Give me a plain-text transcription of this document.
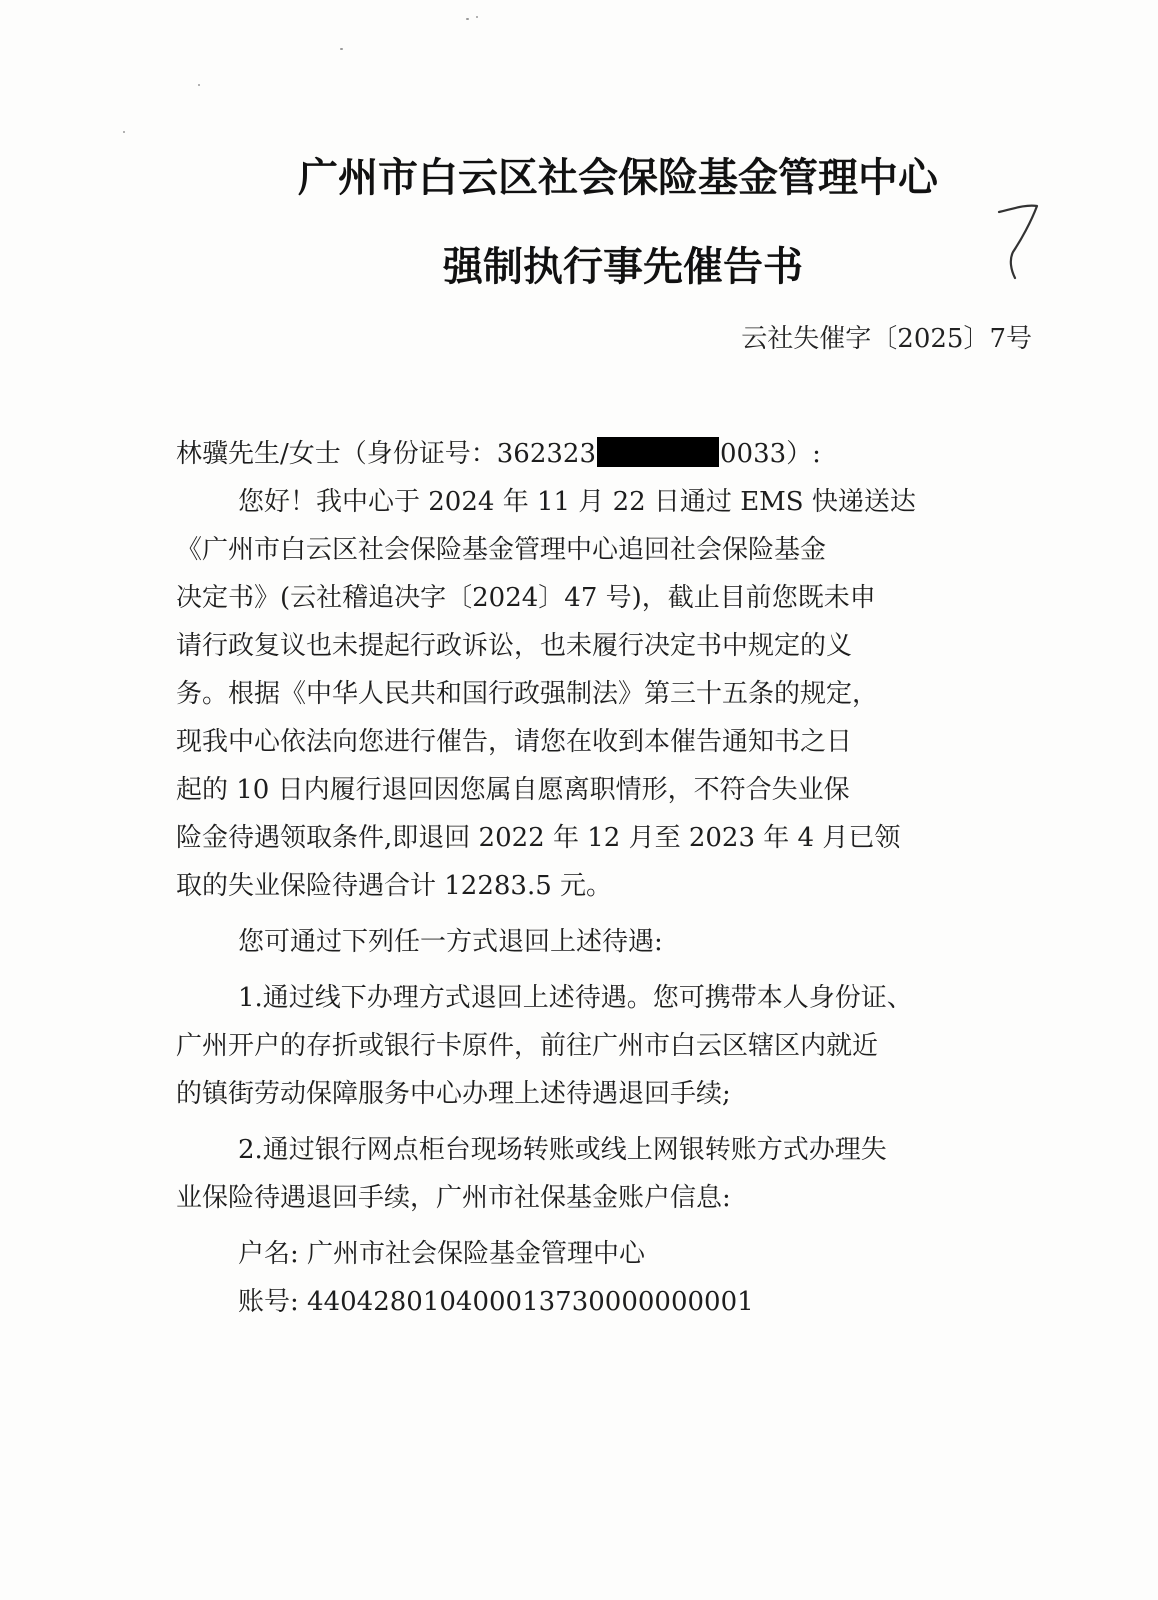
广州市白云区社会保险基金管理中心
强制执行事先催告书
云社失催字〔2025〕7号
林骥先生/女士（身份证号：362323	0033）:
您好！我中心于 2024 年 11 月 22 日通过 EMS 快递送达
《广州市白云区社会保险基金管理中心追回社会保险基金
决定书》(云社稽追决字〔2024〕47 号)，截止目前您既未申
请行政复议也未提起行政诉讼，也未履行决定书中规定的义
务。根据《中华人民共和国行政强制法》第三十五条的规定，
现我中心依法向您进行催告，请您在收到本催告通知书之日
起的 10 日内履行退回因您属自愿离职情形，不符合失业保
险金待遇领取条件,即退回 2022 年 12 月至 2023 年 4 月已领
取的失业保险待遇合计 12283.5 元。
您可通过下列任一方式退回上述待遇:
1.通过线下办理方式退回上述待遇。您可携带本人身份证、
广州开户的存折或银行卡原件，前往广州市白云区辖区内就近
的镇街劳动保障服务中心办理上述待遇退回手续;
2.通过银行网点柜台现场转账或线上网银转账方式办理失
业保险待遇退回手续，广州市社保基金账户信息:
户名: 广州市社会保险基金管理中心
账号: 440428010400013730000000001
